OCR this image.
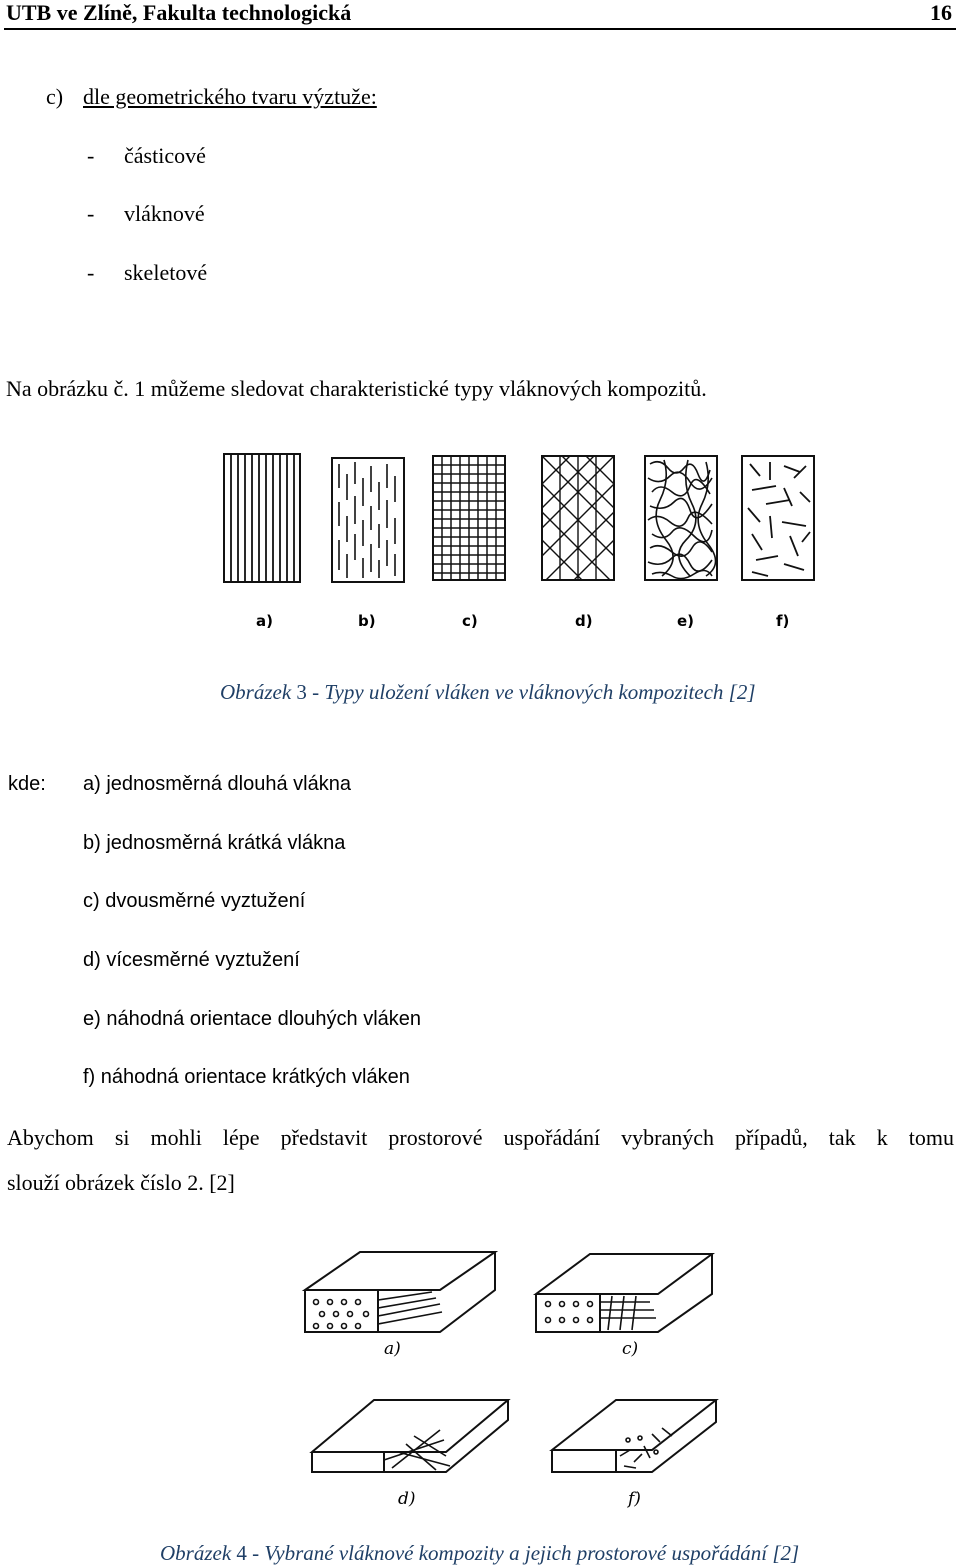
UTB ve Zlíně, Fakulta technologická	16
c) dle geometrického tvaru výztuže:
- částicové
- vláknové
- skeletové
Na obrázku č. 1 můžeme sledovat charakteristické typy vláknových kompozitů.
a)	b)	c)	d)	e)	f)
Obrázek 3 - Typy uložení vláken ve vláknových kompozitech [2]
kde: a) jednosměrná dlouhá vlákna
b) jednosměrná krátká vlákna
c) dvousměrné vyztužení
d) vícesměrné vyztužení
e) náhodná orientace dlouhých vláken
f) náhodná orientace krátkých vláken
Abychom si mohli lépe představit prostorové uspořádání vybraných případů, tak k tomu
slouží obrázek číslo 2. [2]
a)	c)
d)	f)
Obrázek 4 - Vybrané vláknové kompozity a jejich prostorové uspořádání [2]
